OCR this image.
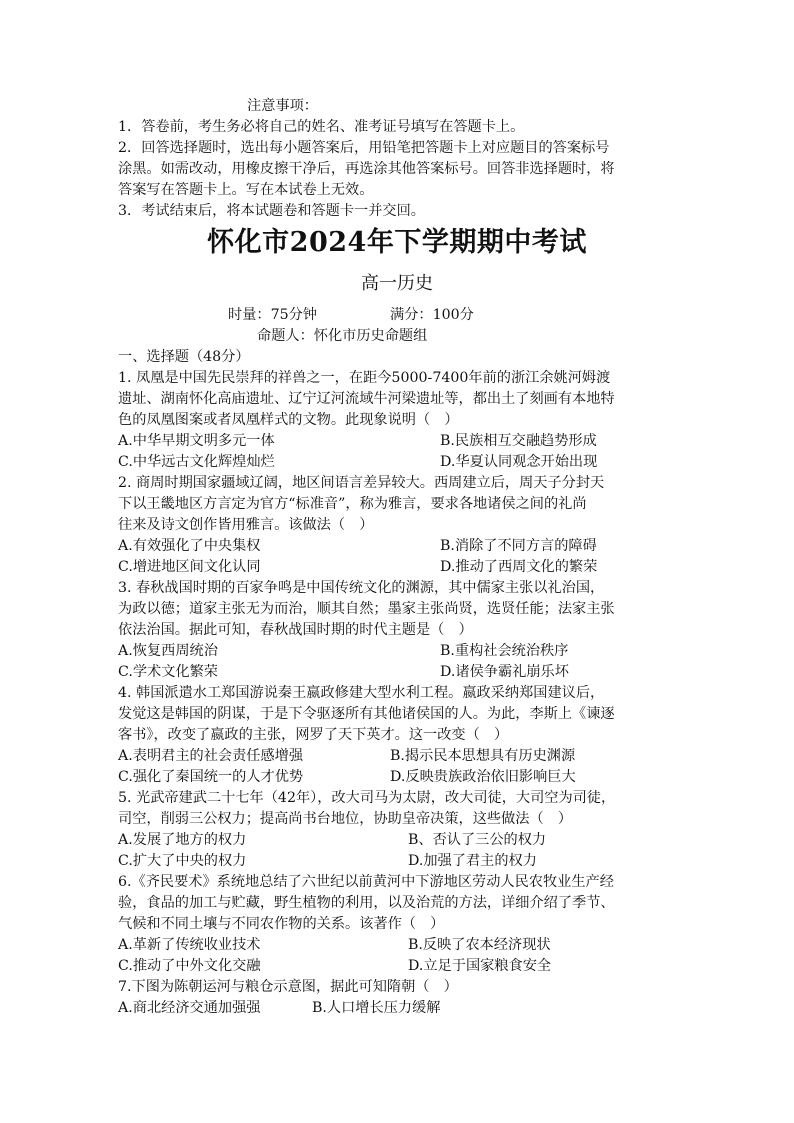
注意事项：
1．答卷前，考生务必将自己的姓名、准考证号填写在答题卡上。
2．回答选择题时，选出每小题答案后，用铅笔把答题卡上对应题目的答案标号
涂黑。如需改动，用橡皮擦干净后，再选涂其他答案标号。回答非选择题时，将
答案写在答题卡上。写在本试卷上无效。
3．考试结束后，将本试题卷和答题卡一并交回。
怀化市2024年下学期期中考试
高一历史
时量：75分钟	满分：100分
命题人：怀化市历史命题组
一、选择题（48分）
1. 凤凰是中国先民崇拜的祥兽之一，在距今5000-7400年前的浙江余姚河姆渡
遗址、湖南怀化高庙遗址、辽宁辽河流域牛河梁遗址等，都出土了刻画有本地特
色的凤凰图案或者凤凰样式的文物。此现象说明（　）
A.中华早期文明多元一体	B.民族相互交融趋势形成
C.中华远古文化辉煌灿烂	D.华夏认同观念开始出现
2. 商周时期国家疆域辽阔，地区间语言差异较大。西周建立后，周天子分封天
下以王畿地区方言定为官方“标准音”，称为雅言，要求各地诸侯之间的礼尚
往来及诗文创作皆用雅言。该做法（　）
A.有效强化了中央集权	B.消除了不同方言的障碍
C.增进地区间文化认同	D.推动了西周文化的繁荣
3. 春秋战国时期的百家争鸣是中国传统文化的渊源，其中儒家主张以礼治国，
为政以德；道家主张无为而治，顺其自然；墨家主张尚贤，选贤任能；法家主张
依法治国。据此可知，春秋战国时期的时代主题是（　）
A.恢复西周统治	B.重构社会统治秩序
C.学术文化繁荣	D.诸侯争霸礼崩乐坏
4. 韩国派遣水工郑国游说秦王嬴政修建大型水利工程。嬴政采纳郑国建议后，
发觉这是韩国的阴谋，于是下令驱逐所有其他诸侯国的人。为此，李斯上《谏逐
客书》，改变了嬴政的主张，网罗了天下英才。这一改变（　）
A.表明君主的社会责任感增强	B.揭示民本思想具有历史渊源
C.强化了秦国统一的人才优势	D.反映贵族政治依旧影响巨大
5. 光武帝建武二十七年（42年），改大司马为太尉，改大司徒，大司空为司徒，
司空，削弱三公权力；提高尚书台地位，协助皇帝决策，这些做法（　）
A.发展了地方的权力	B、否认了三公的权力
C.扩大了中央的权力	D.加强了君主的权力
6.《齐民要术》系统地总结了六世纪以前黄河中下游地区劳动人民农牧业生产经
验，食品的加工与贮藏，野生植物的利用，以及治荒的方法，详细介绍了季节、
气候和不同土壤与不同农作物的关系。该著作（　）
A.革新了传统收业技术	B.反映了农本经济现状
C.推动了中外文化交融	D.立足于国家粮食安全
7.下图为陈朝运河与粮仓示意图，据此可知隋朝（　）
A.商北经济交通加强强	B.人口增长压力缓解
